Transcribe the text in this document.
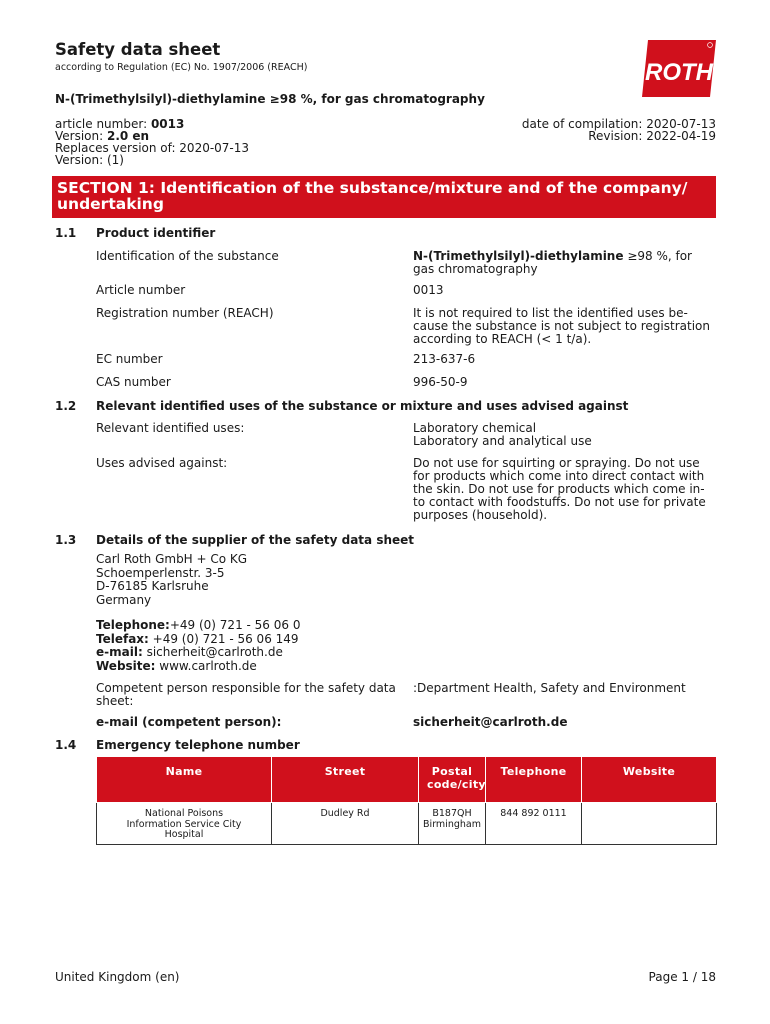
Safety data sheet
according to Regulation (EC) No. 1907/2006 (REACH)	ROTH
N-(Trimethylsilyl)-diethylamine ≥98 %, for gas chromatography
article number: 0013
Version: 2.0 en
Replaces version of: 2020-07-13
Version: (1)
date of compilation: 2020-07-13
Revision: 2022-04-19
SECTION 1: Identification of the substance/mixture and of the company/ undertaking
1.1 Product identifier
Identification of the substance	N-(Trimethylsilyl)-diethylamine ≥98 %, for gas chromatography
Article number	0013
Registration number (REACH)	It is not required to list the identified uses be-cause the substance is not subject to registration according to REACH (< 1 t/a).
EC number	213-637-6
CAS number	996-50-9
1.2 Relevant identified uses of the substance or mixture and uses advised against
Relevant identified uses:	Laboratory chemical
Laboratory and analytical use
Uses advised against:	Do not use for squirting or spraying. Do not use for products which come into direct contact with the skin. Do not use for products which come in-to contact with foodstuffs. Do not use for private purposes (household).
1.3 Details of the supplier of the safety data sheet
Carl Roth GmbH + Co KG
Schoemperlenstr. 3-5
D-76185 Karlsruhe
Germany
Telephone:+49 (0) 721 - 56 06 0
Telefax: +49 (0) 721 - 56 06 149
e-mail: sicherheit@carlroth.de
Website: www.carlroth.de
Competent person responsible for the safety data sheet:
:Department Health, Safety and Environment
e-mail (competent person):	sicherheit@carlroth.de
1.4 Emergency telephone number
Name	Street	Postal code/city	Telephone	Website

National Poisons Information Service City Hospital	Dudley Rd	B187QH Birmingham	844 892 0111	
United Kingdom (en)	Page 1 / 18
